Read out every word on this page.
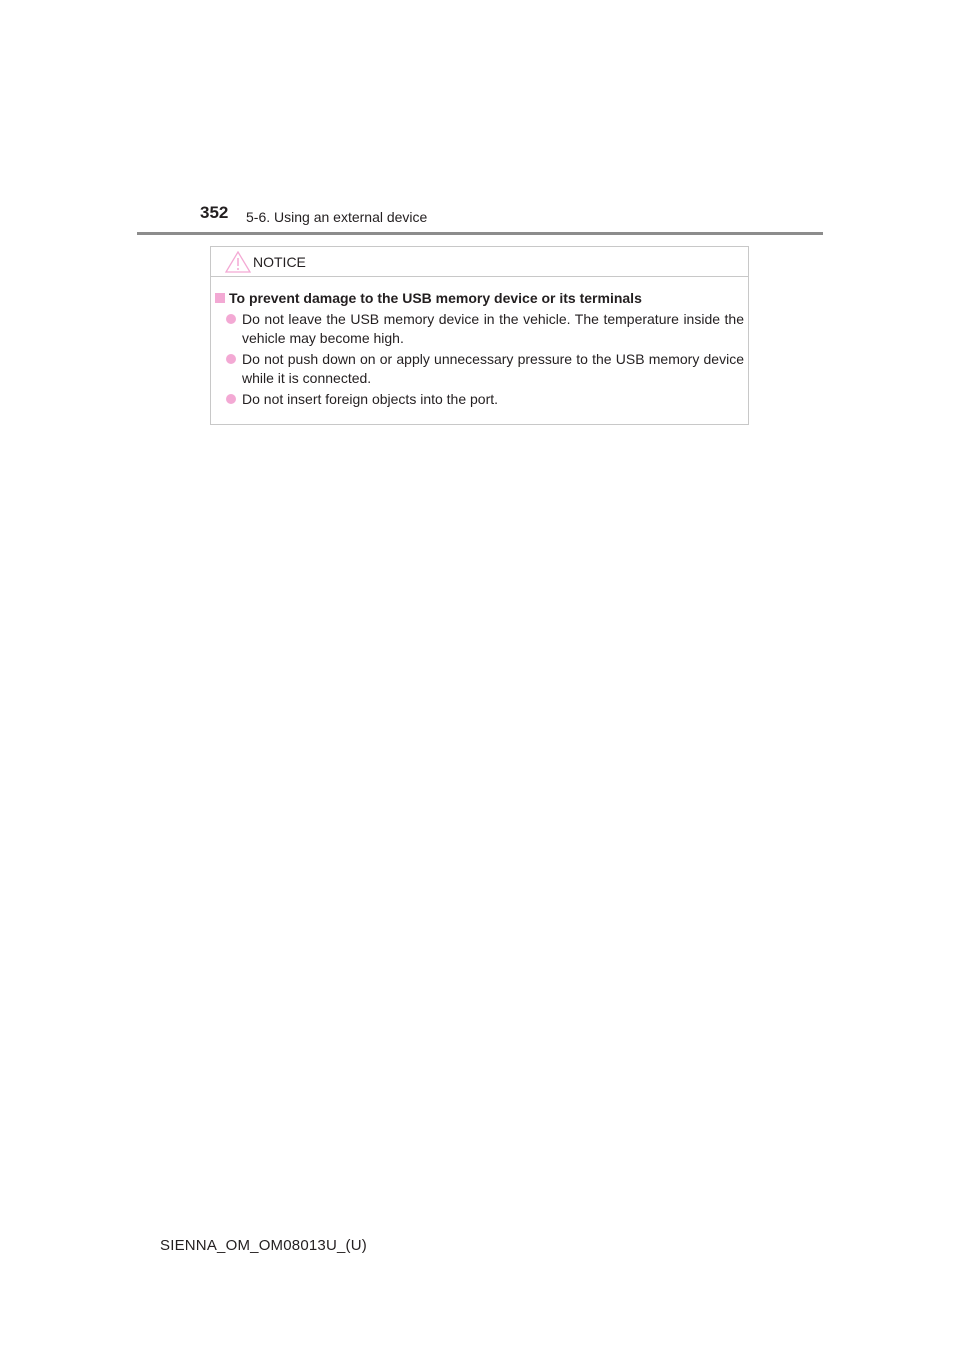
352 5-6. Using an external device
NOTICE
To prevent damage to the USB memory device or its terminals
Do not leave the USB memory device in the vehicle. The temperature inside the vehicle may become high.
Do not push down on or apply unnecessary pressure to the USB memory device while it is connected.
Do not insert foreign objects into the port.
SIENNA_OM_OM08013U_(U)
